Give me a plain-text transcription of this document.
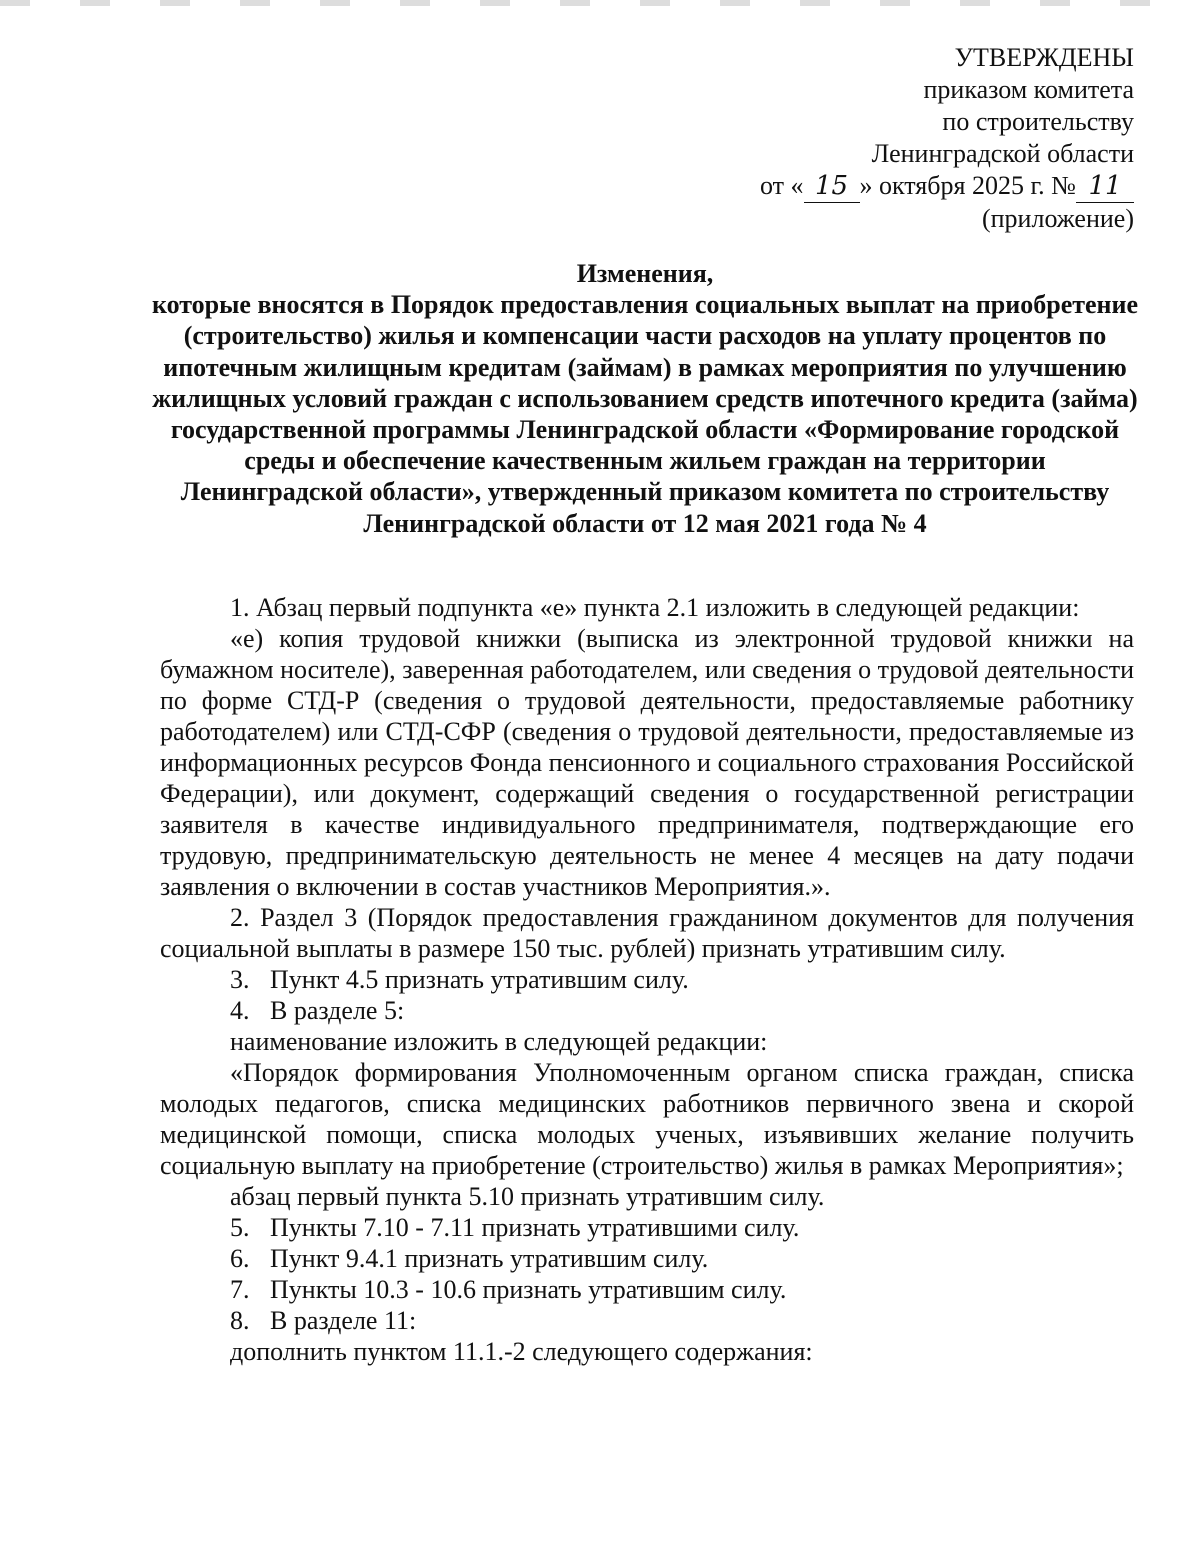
УТВЕРЖДЕНЫ
приказом комитета
по строительству
Ленинградской области
от « 15 » октября 2025 г. № 11
(приложение)
Изменения,
которые вносятся в Порядок предоставления социальных выплат на приобретение (строительство) жилья и компенсации части расходов на уплату процентов по ипотечным жилищным кредитам (займам) в рамках мероприятия по улучшению жилищных условий граждан с использованием средств ипотечного кредита (займа) государственной программы Ленинградской области «Формирование городской среды и обеспечение качественным жильем граждан на территории Ленинградской области», утвержденный приказом комитета по строительству Ленинградской области от 12 мая 2021 года № 4

1. Абзац первый подпункта «е» пункта 2.1 изложить в следующей редакции:

«е) копия трудовой книжки (выписка из электронной трудовой книжки на бумажном носителе), заверенная работодателем, или сведения о трудовой деятельности по форме СТД-Р (сведения о трудовой деятельности, предоставляемые работнику работодателем) или СТД-СФР (сведения о трудовой деятельности, предоставляемые из информационных ресурсов Фонда пенсионного и социального страхования Российской Федерации), или документ, содержащий сведения о государственной регистрации заявителя в качестве индивидуального предпринимателя, подтверждающие его трудовую, предпринимательскую деятельность не менее 4 месяцев на дату подачи заявления о включении в состав участников Мероприятия.».

2. Раздел 3 (Порядок предоставления гражданином документов для получения социальной выплаты в размере 150 тыс. рублей) признать утратившим силу.

3. Пункт 4.5 признать утратившим силу.

4. В разделе 5:

наименование изложить в следующей редакции:

«Порядок формирования Уполномоченным органом списка граждан, списка молодых педагогов, списка медицинских работников первичного звена и скорой медицинской помощи, списка молодых ученых, изъявивших желание получить социальную выплату на приобретение (строительство) жилья в рамках Мероприятия»;

абзац первый пункта 5.10 признать утратившим силу.

5. Пункты 7.10 - 7.11 признать утратившими силу.

6. Пункт 9.4.1 признать утратившим силу.

7. Пункты 10.3 - 10.6 признать утратившим силу.

8. В разделе 11:

дополнить пунктом 11.1.-2 следующего содержания:
